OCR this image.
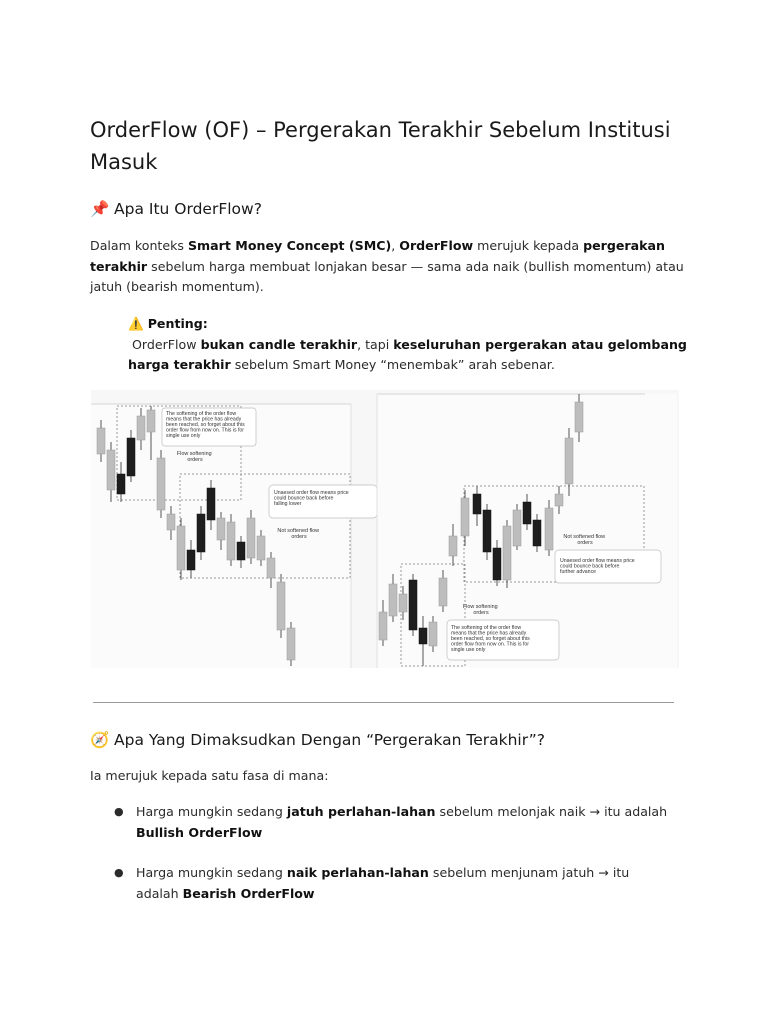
OrderFlow (OF) – Pergerakan Terakhir Sebelum Institusi Masuk
📌 Apa Itu OrderFlow?

Dalam konteks Smart Money Concept (SMC), OrderFlow merujuk kepada pergerakan terakhir sebelum harga membuat lonjakan besar — sama ada naik (bullish momentum) atau jatuh (bearish momentum).

⚠️ Penting:
OrderFlow bukan candle terakhir, tapi keseluruhan pergerakan atau gelombang harga terakhir sebelum Smart Money “menembak” arah sebenar.
The softening of the order flow means that the price has already been reached, so forget about this order flow from now on. This is for single use only
Flow softening orders
Unaesed order flow means price could bounce back before falling lower
Not softened flow orders	Not softened flow orders
Unaesed order flow means price could bounce back before further advance
Flow softening orders
The softening of the order flow means that the price has already been reached, so forget about this order flow from now on. This is for single use only
🧭 Apa Yang Dimaksudkan Dengan “Pergerakan Terakhir”?

Ia merujuk kepada satu fasa di mana:

● Harga mungkin sedang jatuh perlahan-lahan sebelum melonjak naik → itu adalah Bullish OrderFlow
● Harga mungkin sedang naik perlahan-lahan sebelum menjunam jatuh → itu adalah Bearish OrderFlow
